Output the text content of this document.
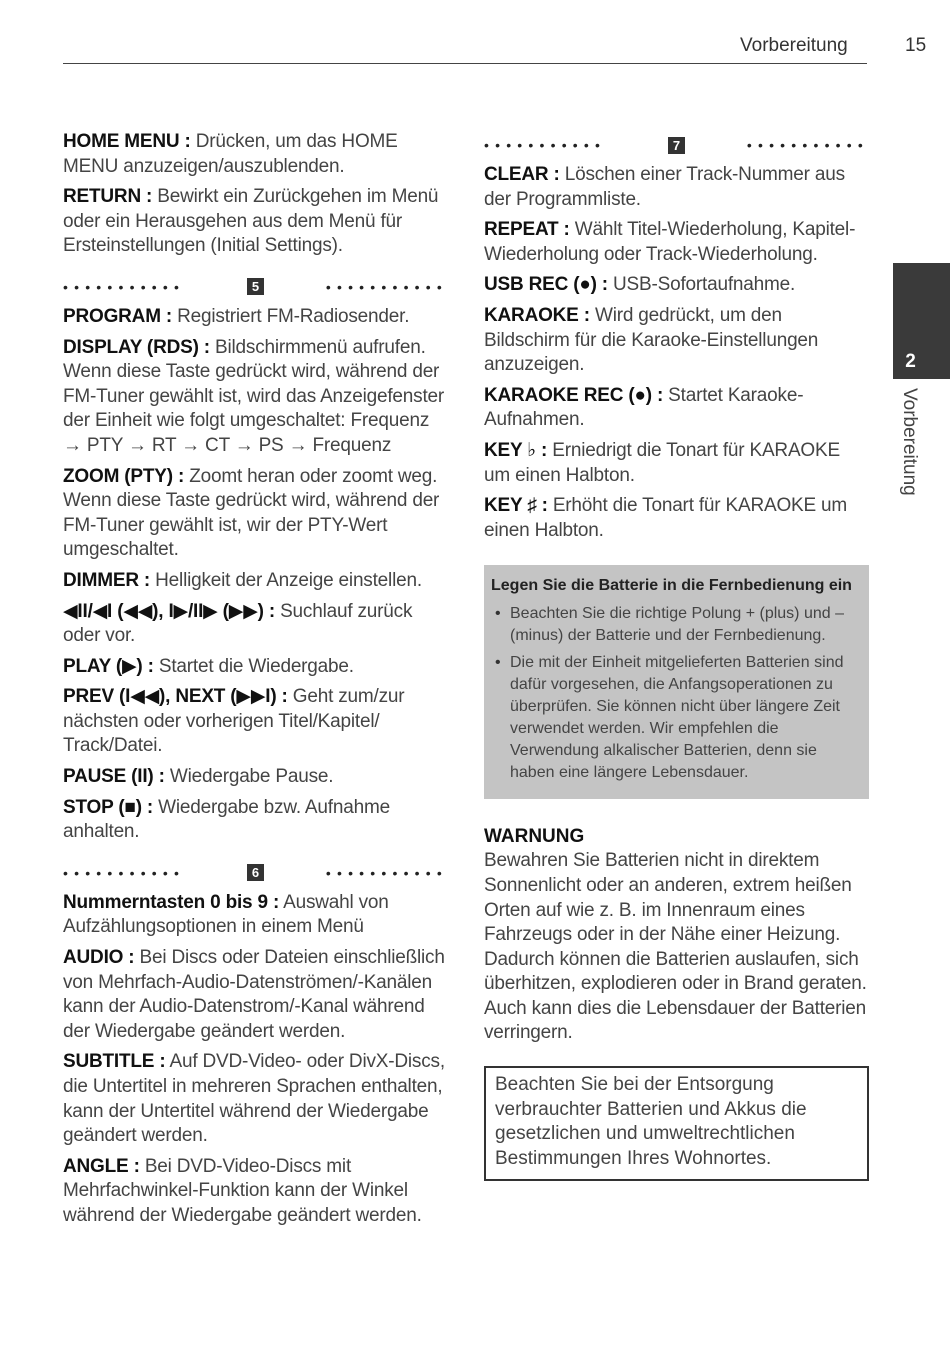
Vorbereitung	15
2
Vorbereitung

HOME MENU : Drücken, um das HOME MENU anzuzeigen/auszublenden.

RETURN : Bewirkt ein Zurückgehen im Menü oder ein Herausgehen aus dem Menü für Ersteinstellungen (Initial Settings).

•••••••••••	5	•••••••••••

PROGRAM : Registriert FM-Radiosender.

DISPLAY (RDS) : Bildschirmmenü aufrufen. Wenn diese Taste gedrückt wird, während der FM-Tuner gewählt ist, wird das Anzeigefenster der Einheit wie folgt umgeschaltet: Frequenz → PTY → RT → CT → PS → Frequenz

ZOOM (PTY) : Zoomt heran oder zoomt weg. Wenn diese Taste gedrückt wird, während der FM-Tuner gewählt ist, wir der PTY-Wert umgeschaltet.

DIMMER : Helligkeit der Anzeige einstellen.

◀II/◀I (◀◀), I▶/II▶ (▶▶) : Suchlauf zurück oder vor.

PLAY (▶) : Startet die Wiedergabe.

PREV (I◀◀), NEXT (▶▶I) : Geht zum/zur nächsten oder vorherigen Titel/Kapitel/ Track/Datei.

PAUSE (II) : Wiedergabe Pause.

STOP (■) : Wiedergabe bzw. Aufnahme anhalten.

•••••••••••	6	•••••••••••

Nummerntasten 0 bis 9 : Auswahl von Aufzählungsoptionen in einem Menü

AUDIO : Bei Discs oder Dateien einschließlich von Mehrfach-Audio-Datenströmen/-Kanälen kann der Audio-Datenstrom/-Kanal während der Wiedergabe geändert werden.

SUBTITLE : Auf DVD-Video- oder DivX-Discs, die Untertitel in mehreren Sprachen enthalten, kann der Untertitel während der Wiedergabe geändert werden.

ANGLE : Bei DVD-Video-Discs mit Mehrfachwinkel-Funktion kann der Winkel während der Wiedergabe geändert werden.

•••••••••••	7	•••••••••••

CLEAR : Löschen einer Track-Nummer aus der Programmliste.

REPEAT : Wählt Titel-Wiederholung, Kapitel-Wiederholung oder Track-Wiederholung.

USB REC (●) : USB-Sofortaufnahme.

KARAOKE : Wird gedrückt, um den Bildschirm für die Karaoke-Einstellungen anzuzeigen.

KARAOKE REC (●) : Startet Karaoke-Aufnahmen.

KEY ♭ : Erniedrigt die Tonart für KARAOKE um einen Halbton.

KEY ♯ : Erhöht die Tonart für KARAOKE um einen Halbton.

Legen Sie die Batterie in die Fernbedienung ein
• Beachten Sie die richtige Polung + (plus) und – (minus) der Batterie und der Fernbedienung.
• Die mit der Einheit mitgelieferten Batterien sind dafür vorgesehen, die Anfangsoperationen zu überprüfen. Sie können nicht über längere Zeit verwendet werden. Wir empfehlen die Verwendung alkalischer Batterien, denn sie haben eine längere Lebensdauer.
WARNUNG
Bewahren Sie Batterien nicht in direktem Sonnenlicht oder an anderen, extrem heißen Orten auf wie z. B. im Innenraum eines Fahrzeugs oder in der Nähe einer Heizung. Dadurch können die Batterien auslaufen, sich überhitzen, explodieren oder in Brand geraten. Auch kann dies die Lebensdauer der Batterien verringern.
Beachten Sie bei der Entsorgung verbrauchter Batterien und Akkus die gesetzlichen und umweltrechtlichen Bestimmungen Ihres Wohnortes.
